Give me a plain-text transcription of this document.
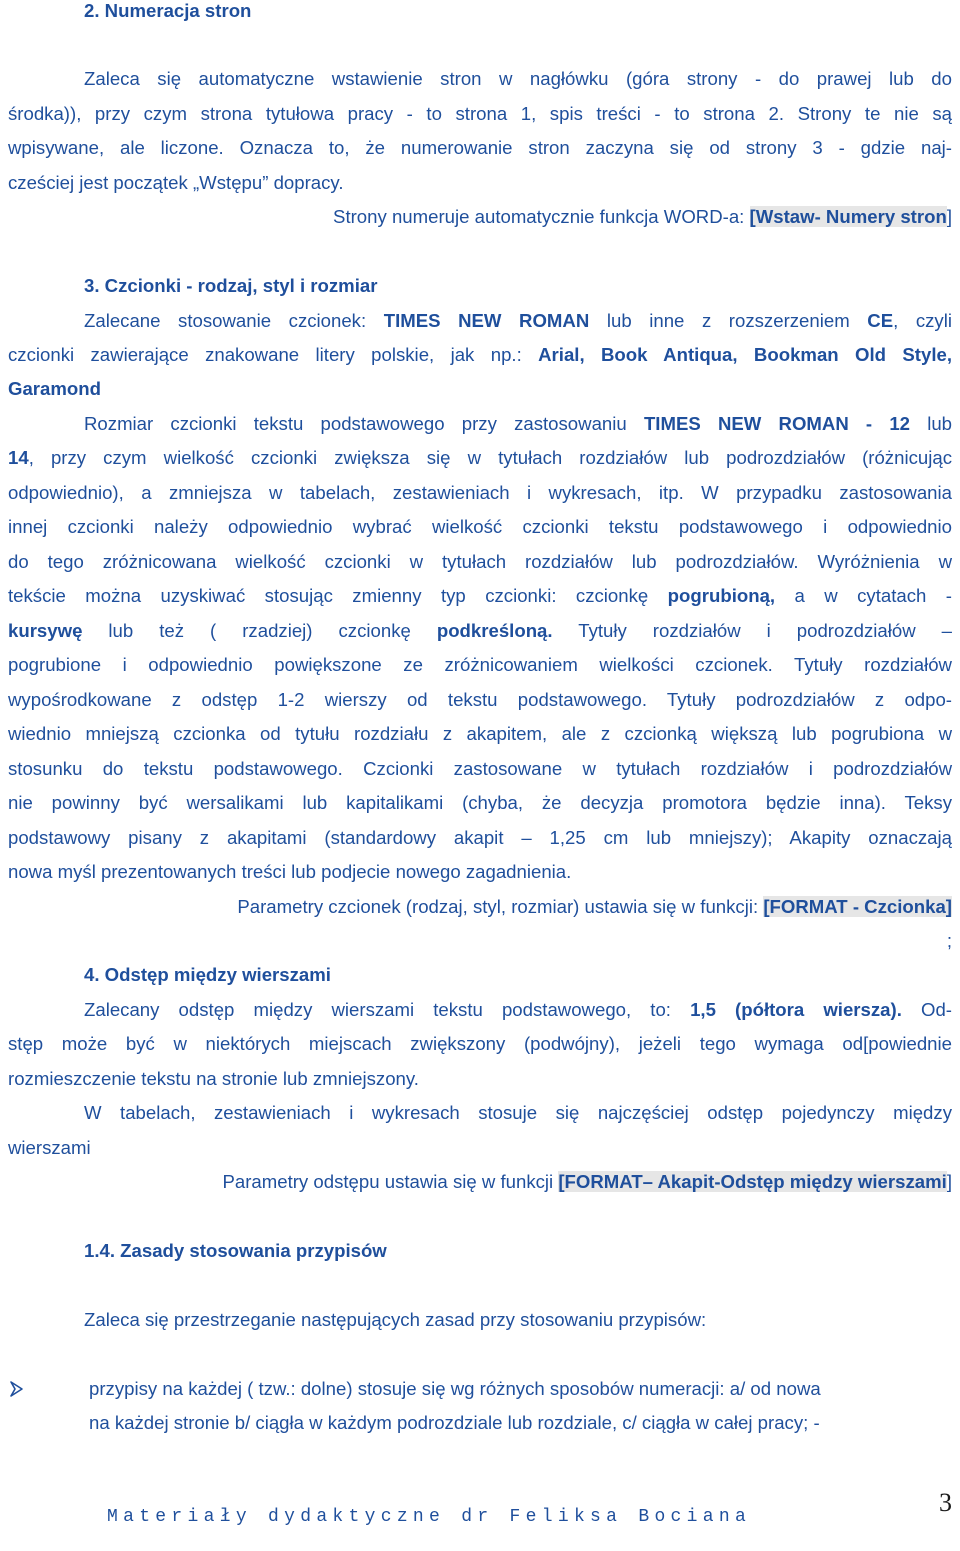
2. Numeracja stron
Zaleca się automatyczne wstawienie stron w nagłówku (góra strony - do prawej lub do
środka)), przy czym strona tytułowa pracy - to strona 1, spis treści - to strona 2. Strony te nie są
wpisywane, ale liczone. Oznacza to, że numerowanie stron zaczyna się od strony 3 - gdzie naj-
cześciej jest początek „Wstępu” dopracy.
Strony numeruje automatycznie funkcja WORD-a: [Wstaw- Numery stron]
3. Czcionki - rodzaj, styl i rozmiar
Zalecane stosowanie czcionek: TIMES NEW ROMAN lub inne z rozszerzeniem CE, czyli
czcionki zawierające znakowane litery polskie, jak np.: Arial, Book Antiqua, Bookman Old Style,
Garamond
Rozmiar czcionki tekstu podstawowego przy zastosowaniu TIMES NEW ROMAN - 12 lub
14, przy czym wielkość czcionki zwiększa się w tytułach rozdziałów lub podrozdziałów (różnicując
odpowiednio), a zmniejsza w tabelach, zestawieniach i wykresach, itp. W przypadku zastosowania
innej czcionki należy odpowiednio wybrać wielkość czcionki tekstu podstawowego i odpowiednio
do tego zróżnicowana wielkość czcionki w tytułach rozdziałów lub podrozdziałów. Wyróżnienia w
tekście można uzyskiwać stosując zmienny typ czcionki: czcionkę pogrubioną, a w cytatach -
kursywę lub też ( rzadziej) czcionkę podkreśloną. Tytuły rozdziałów i podrozdziałów –
pogrubione i odpowiednio powiększone ze zróżnicowaniem wielkości czcionek. Tytuły rozdziałów
wypośrodkowane z odstęp 1-2 wierszy od tekstu podstawowego. Tytuły podrozdziałów z odpo-
wiednio mniejszą czcionka od tytułu rozdziału z akapitem, ale z czcionką większą lub pogrubiona w
stosunku do tekstu podstawowego. Czcionki zastosowane w tytułach rozdziałów i podrozdziałów
nie powinny być wersalikami lub kapitalikami (chyba, że decyzja promotora będzie inna). Teksy
podstawowy pisany z akapitami (standardowy akapit – 1,25 cm lub mniejszy); Akapity oznaczają
nowa myśl prezentowanych treści lub podjecie nowego zagadnienia.
Parametry czcionek (rodzaj, styl, rozmiar) ustawia się w funkcji: [FORMAT - Czcionka]
;
4. Odstęp między wierszami
Zalecany odstęp między wierszami tekstu podstawowego, to: 1,5 (półtora wiersza). Od-
stęp może być w niektórych miejscach zwiększony (podwójny), jeżeli tego wymaga od[powiednie
rozmieszczenie tekstu na stronie lub zmniejszony.
W tabelach, zestawieniach i wykresach stosuje się najczęściej odstęp pojedynczy między
wierszami
Parametry odstępu ustawia się w funkcji [FORMAT– Akapit-Odstęp między wierszami]
1.4. Zasady stosowania przypisów
Zaleca się przestrzeganie następujących zasad przy stosowaniu przypisów:
przypisy na każdej ( tzw.: dolne) stosuje się wg różnych sposobów numeracji: a/ od nowa
na każdej stronie b/ ciągła w każdym podrozdziale lub rozdziale, c/ ciągła w całej pracy; -
Materiały dydaktyczne dr Feliksa Bociana	3
